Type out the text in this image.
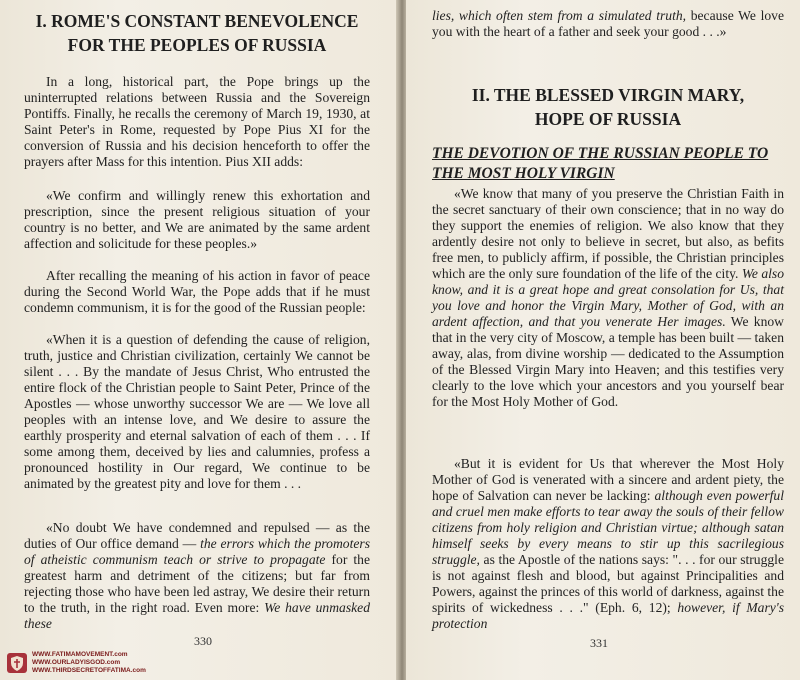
I. ROME'S CONSTANT BENEVOLENCE
FOR THE PEOPLES OF RUSSIA
In a long, historical part, the Pope brings up the uninterrupted relations between Russia and the Sovereign Pontiffs. Finally, he recalls the ceremony of March 19, 1930, at Saint Peter's in Rome, requested by Pope Pius XI for the conversion of Russia and his decision henceforth to offer the prayers after Mass for this intention. Pius XII adds:
«We confirm and willingly renew this exhortation and prescription, since the present religious situation of your country is no better, and We are animated by the same ardent affection and solicitude for these peoples.»
After recalling the meaning of his action in favor of peace during the Second World War, the Pope adds that if he must condemn communism, it is for the good of the Russian people:
«When it is a question of defending the cause of religion, truth, justice and Christian civilization, certainly We cannot be silent . . . By the mandate of Jesus Christ, Who entrusted the entire flock of the Christian people to Saint Peter, Prince of the Apostles — whose unworthy successor We are — We love all peoples with an intense love, and We desire to assure the earthly prosperity and eternal salvation of each of them . . . If some among them, deceived by lies and calumnies, profess a pronounced hostility in Our regard, We continue to be animated by the greatest pity and love for them . . .
«No doubt We have condemned and repulsed — as the duties of Our office demand — the errors which the promoters of atheistic communism teach or strive to propagate for the greatest harm and detriment of the citizens; but far from rejecting those who have been led astray, We desire their return to the truth, in the right road. Even more: We have unmasked these
330
WWW.FATIMAMOVEMENT.com
WWW.OURLADYISGOD.com
WWW.THIRDSECRETOFFATIMA.com
lies, which often stem from a simulated truth, because We love you with the heart of a father and seek your good . . .»
II. THE BLESSED VIRGIN MARY,
HOPE OF RUSSIA
THE DEVOTION OF THE RUSSIAN PEOPLE TO THE MOST HOLY VIRGIN
«We know that many of you preserve the Christian Faith in the secret sanctuary of their own conscience; that in no way do they support the enemies of religion. We also know that they ardently desire not only to believe in secret, but also, as befits free men, to publicly affirm, if possible, the Christian principles which are the only sure foundation of the life of the city. We also know, and it is a great hope and great consolation for Us, that you love and honor the Virgin Mary, Mother of God, with an ardent affection, and that you venerate Her images. We know that in the very city of Moscow, a temple has been built — taken away, alas, from divine worship — dedicated to the Assumption of the Blessed Virgin Mary into Heaven; and this testifies very clearly to the love which your ancestors and you yourself bear for the Most Holy Mother of God.
«But it is evident for Us that wherever the Most Holy Mother of God is venerated with a sincere and ardent piety, the hope of Salvation can never be lacking: although even powerful and cruel men make efforts to tear away the souls of their fellow citizens from holy religion and Christian virtue; although satan himself seeks by every means to stir up this sacrilegious struggle, as the Apostle of the nations says: ". . . for our struggle is not against flesh and blood, but against Principalities and Powers, against the princes of this world of darkness, against the spirits of wickedness . . ." (Eph. 6, 12); however, if Mary's protection
331
